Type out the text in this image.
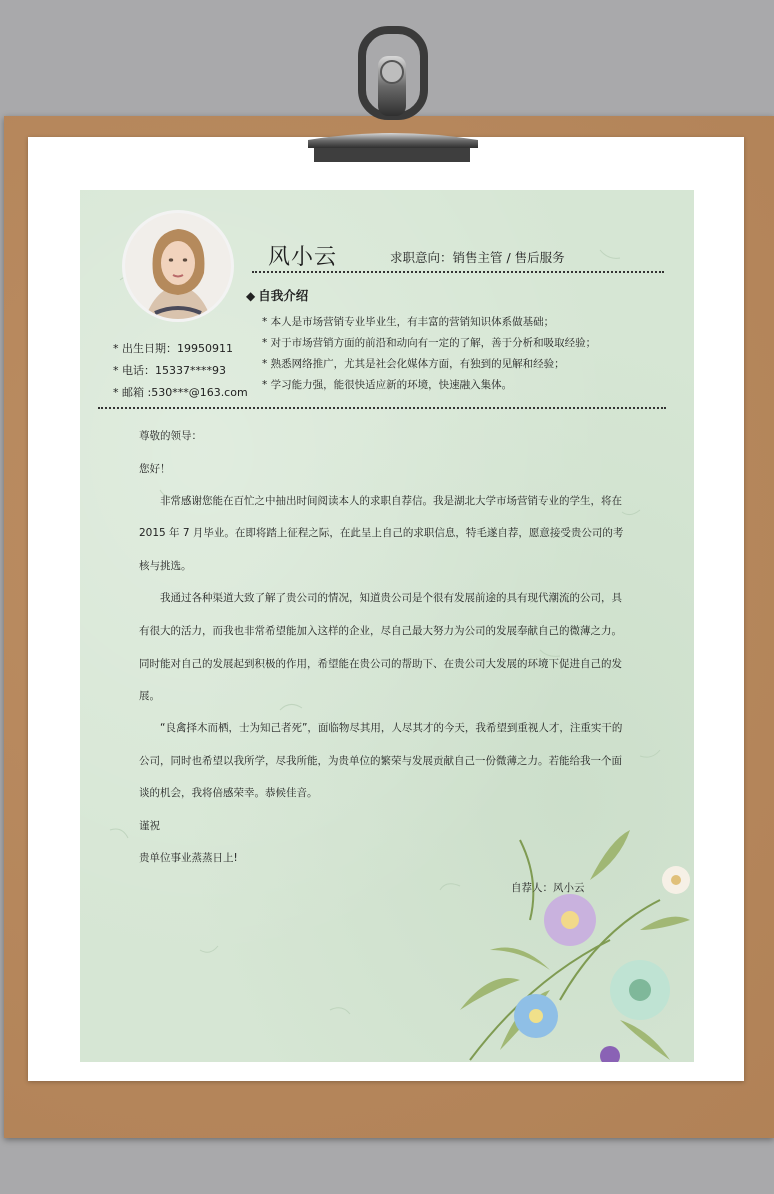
风小云	求职意向：销售主管 / 售后服务
◆ 自我介绍
* 本人是市场营销专业毕业生，有丰富的营销知识体系做基础；
* 对于市场营销方面的前沿和动向有一定的了解，善于分析和吸取经验；
* 熟悉网络推广，尤其是社会化媒体方面，有独到的见解和经验；
* 学习能力强，能很快适应新的环境，快速融入集体。
* 出生日期：19950911
* 电话：15337****93
* 邮箱 :530***@163.com
尊敬的领导：
您好！
　　非常感谢您能在百忙之中抽出时间阅读本人的求职自荐信。我是湖北大学市场营销专业的学生，将在
2015 年 7 月毕业。在即将踏上征程之际，在此呈上自己的求职信息，特毛遂自荐，愿意接受贵公司的考
核与挑选。
　　我通过各种渠道大致了解了贵公司的情况，知道贵公司是个很有发展前途的具有现代潮流的公司，具
有很大的活力，而我也非常希望能加入这样的企业，尽自己最大努力为公司的发展奉献自己的微薄之力。
同时能对自己的发展起到积极的作用，希望能在贵公司的帮助下、在贵公司大发展的环境下促进自己的发
展。
　　“良禽择木而栖，士为知己者死”，面临物尽其用，人尽其才的今天，我希望到重视人才，注重实干的
公司，同时也希望以我所学，尽我所能，为贵单位的繁荣与发展贡献自己一份微薄之力。若能给我一个面
谈的机会，我将倍感荣幸。恭候佳音。
谨祝
贵单位事业蒸蒸日上!
自荐人：风小云
